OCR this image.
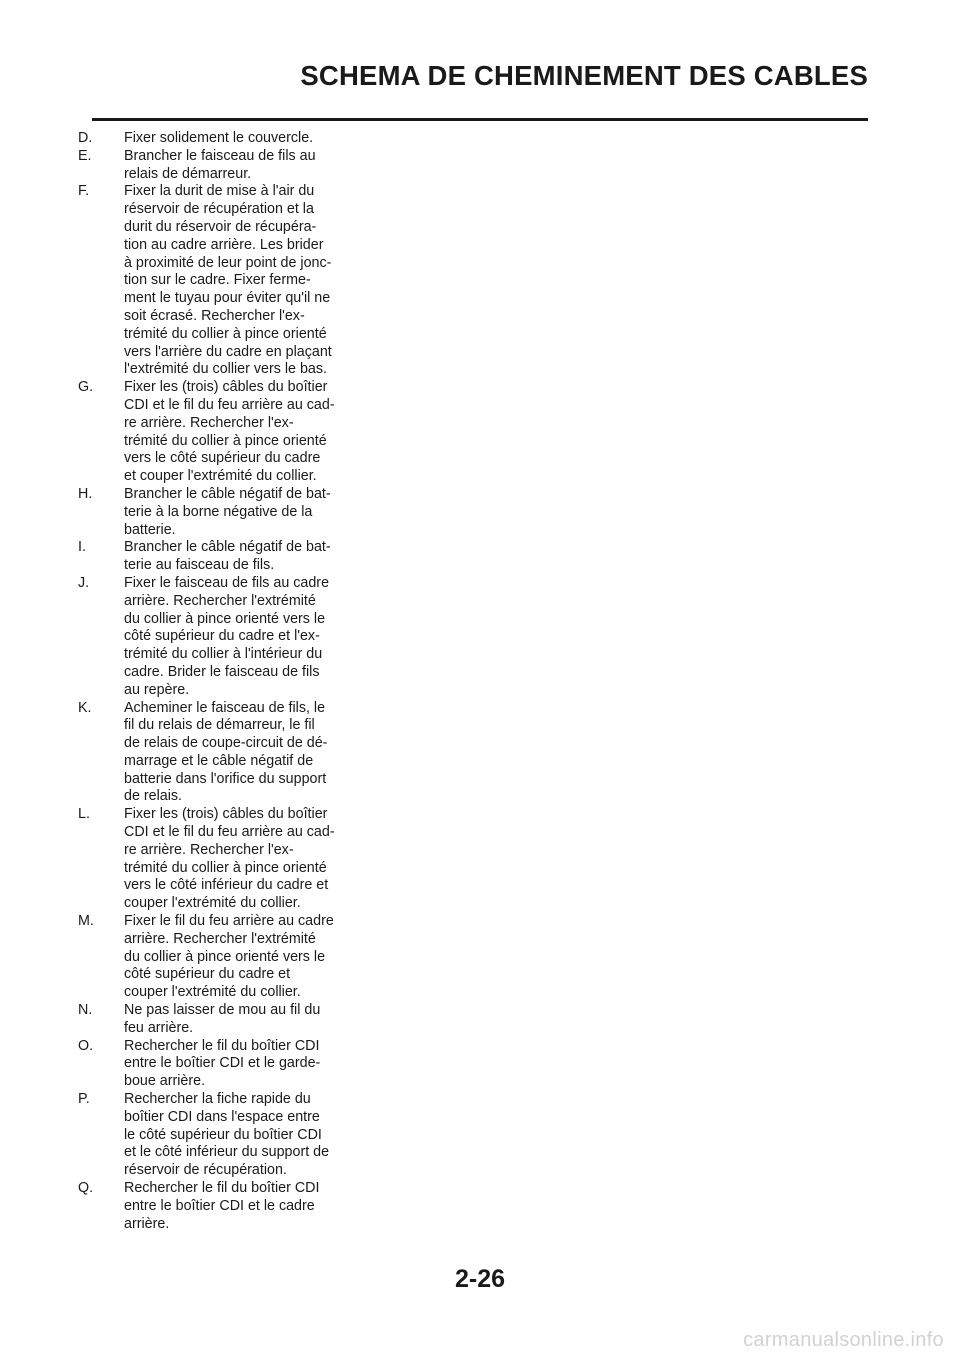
SCHEMA DE CHEMINEMENT DES CABLES
D. Fixer solidement le couvercle.
E. Brancher le faisceau de fils au
relais de démarreur.
F. Fixer la durit de mise à l'air du
réservoir de récupération et la
durit du réservoir de récupéra-
tion au cadre arrière. Les brider
à proximité de leur point de jonc-
tion sur le cadre. Fixer ferme-
ment le tuyau pour éviter qu'il ne
soit écrasé. Rechercher l'ex-
trémité du collier à pince orienté
vers l'arrière du cadre en plaçant
l'extrémité du collier vers le bas.
G. Fixer les (trois) câbles du boîtier
CDI et le fil du feu arrière au cad-
re arrière. Rechercher l'ex-
trémité du collier à pince orienté
vers le côté supérieur du cadre
et couper l'extrémité du collier.
H. Brancher le câble négatif de bat-
terie à la borne négative de la
batterie.
I.	Brancher le câble négatif de bat-
terie au faisceau de fils.
J. Fixer le faisceau de fils au cadre
arrière. Rechercher l'extrémité
du collier à pince orienté vers le
côté supérieur du cadre et l'ex-
trémité du collier à l'intérieur du
cadre. Brider le faisceau de fils
au repère.
K. Acheminer le faisceau de fils, le
fil du relais de démarreur, le fil
de relais de coupe-circuit de dé-
marrage et le câble négatif de
batterie dans l'orifice du support
de relais.
L. Fixer les (trois) câbles du boîtier
CDI et le fil du feu arrière au cad-
re arrière. Rechercher l'ex-
trémité du collier à pince orienté
vers le côté inférieur du cadre et
couper l'extrémité du collier.
M. Fixer le fil du feu arrière au cadre
arrière. Rechercher l'extrémité
du collier à pince orienté vers le
côté supérieur du cadre et
couper l'extrémité du collier.
N. Ne pas laisser de mou au fil du
feu arrière.
O. Rechercher le fil du boîtier CDI
entre le boîtier CDI et le garde-
boue arrière.
P. Rechercher la fiche rapide du
boîtier CDI dans l'espace entre
le côté supérieur du boîtier CDI
et le côté inférieur du support de
réservoir de récupération.
Q. Rechercher le fil du boîtier CDI
entre le boîtier CDI et le cadre
arrière.
2-26
carmanualsonline.info
